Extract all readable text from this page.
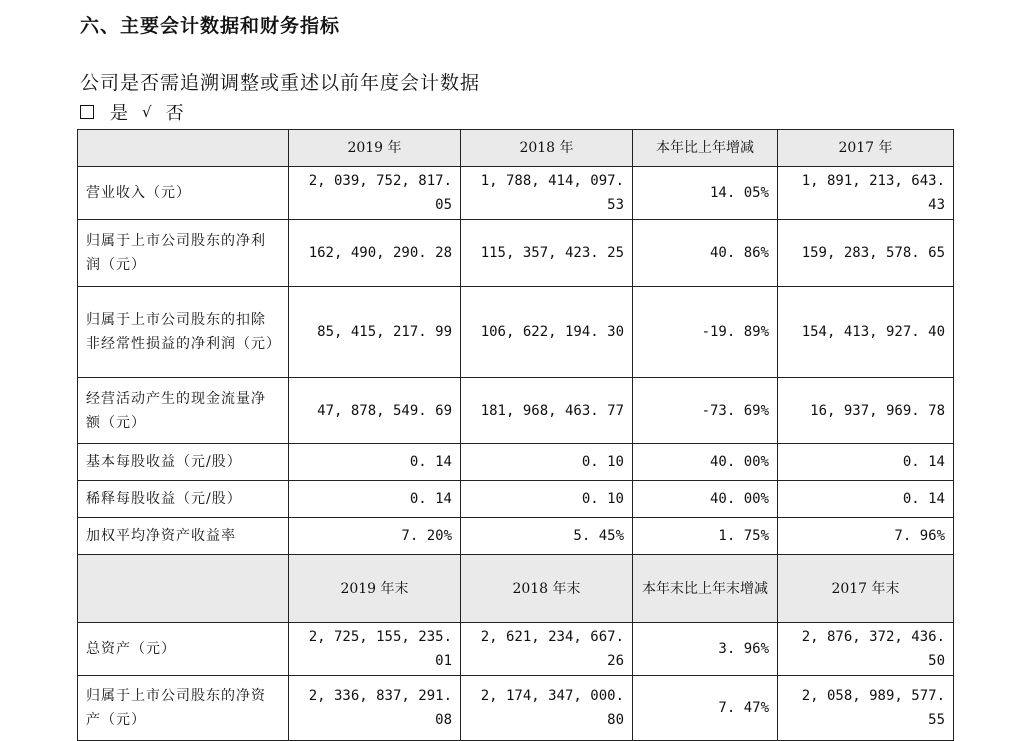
六、主要会计数据和财务指标
公司是否需追溯调整或重述以前年度会计数据
是 √ 否
	2019 年	2018 年	本年比上年增减	2017 年
营业收入（元）	2, 039, 752, 817. 05	1, 788, 414, 097. 53	14. 05%	1, 891, 213, 643. 43
归属于上市公司股东的净利润（元）	162, 490, 290. 28	115, 357, 423. 25	40. 86%	159, 283, 578. 65
归属于上市公司股东的扣除非经常性损益的净利润（元）	85, 415, 217. 99	106, 622, 194. 30	-19. 89%	154, 413, 927. 40
经营活动产生的现金流量净额（元）	47, 878, 549. 69	181, 968, 463. 77	-73. 69%	16, 937, 969. 78
基本每股收益（元/股）	0. 14	0. 10	40. 00%	0. 14
稀释每股收益（元/股）	0. 14	0. 10	40. 00%	0. 14
加权平均净资产收益率	7. 20%	5. 45%	1. 75%	7. 96%
	2019 年末	2018 年末	本年末比上年末增减	2017 年末
总资产（元）	2, 725, 155, 235. 01	2, 621, 234, 667. 26	3. 96%	2, 876, 372, 436. 50
归属于上市公司股东的净资产（元）	2, 336, 837, 291. 08	2, 174, 347, 000. 80	7. 47%	2, 058, 989, 577. 55
